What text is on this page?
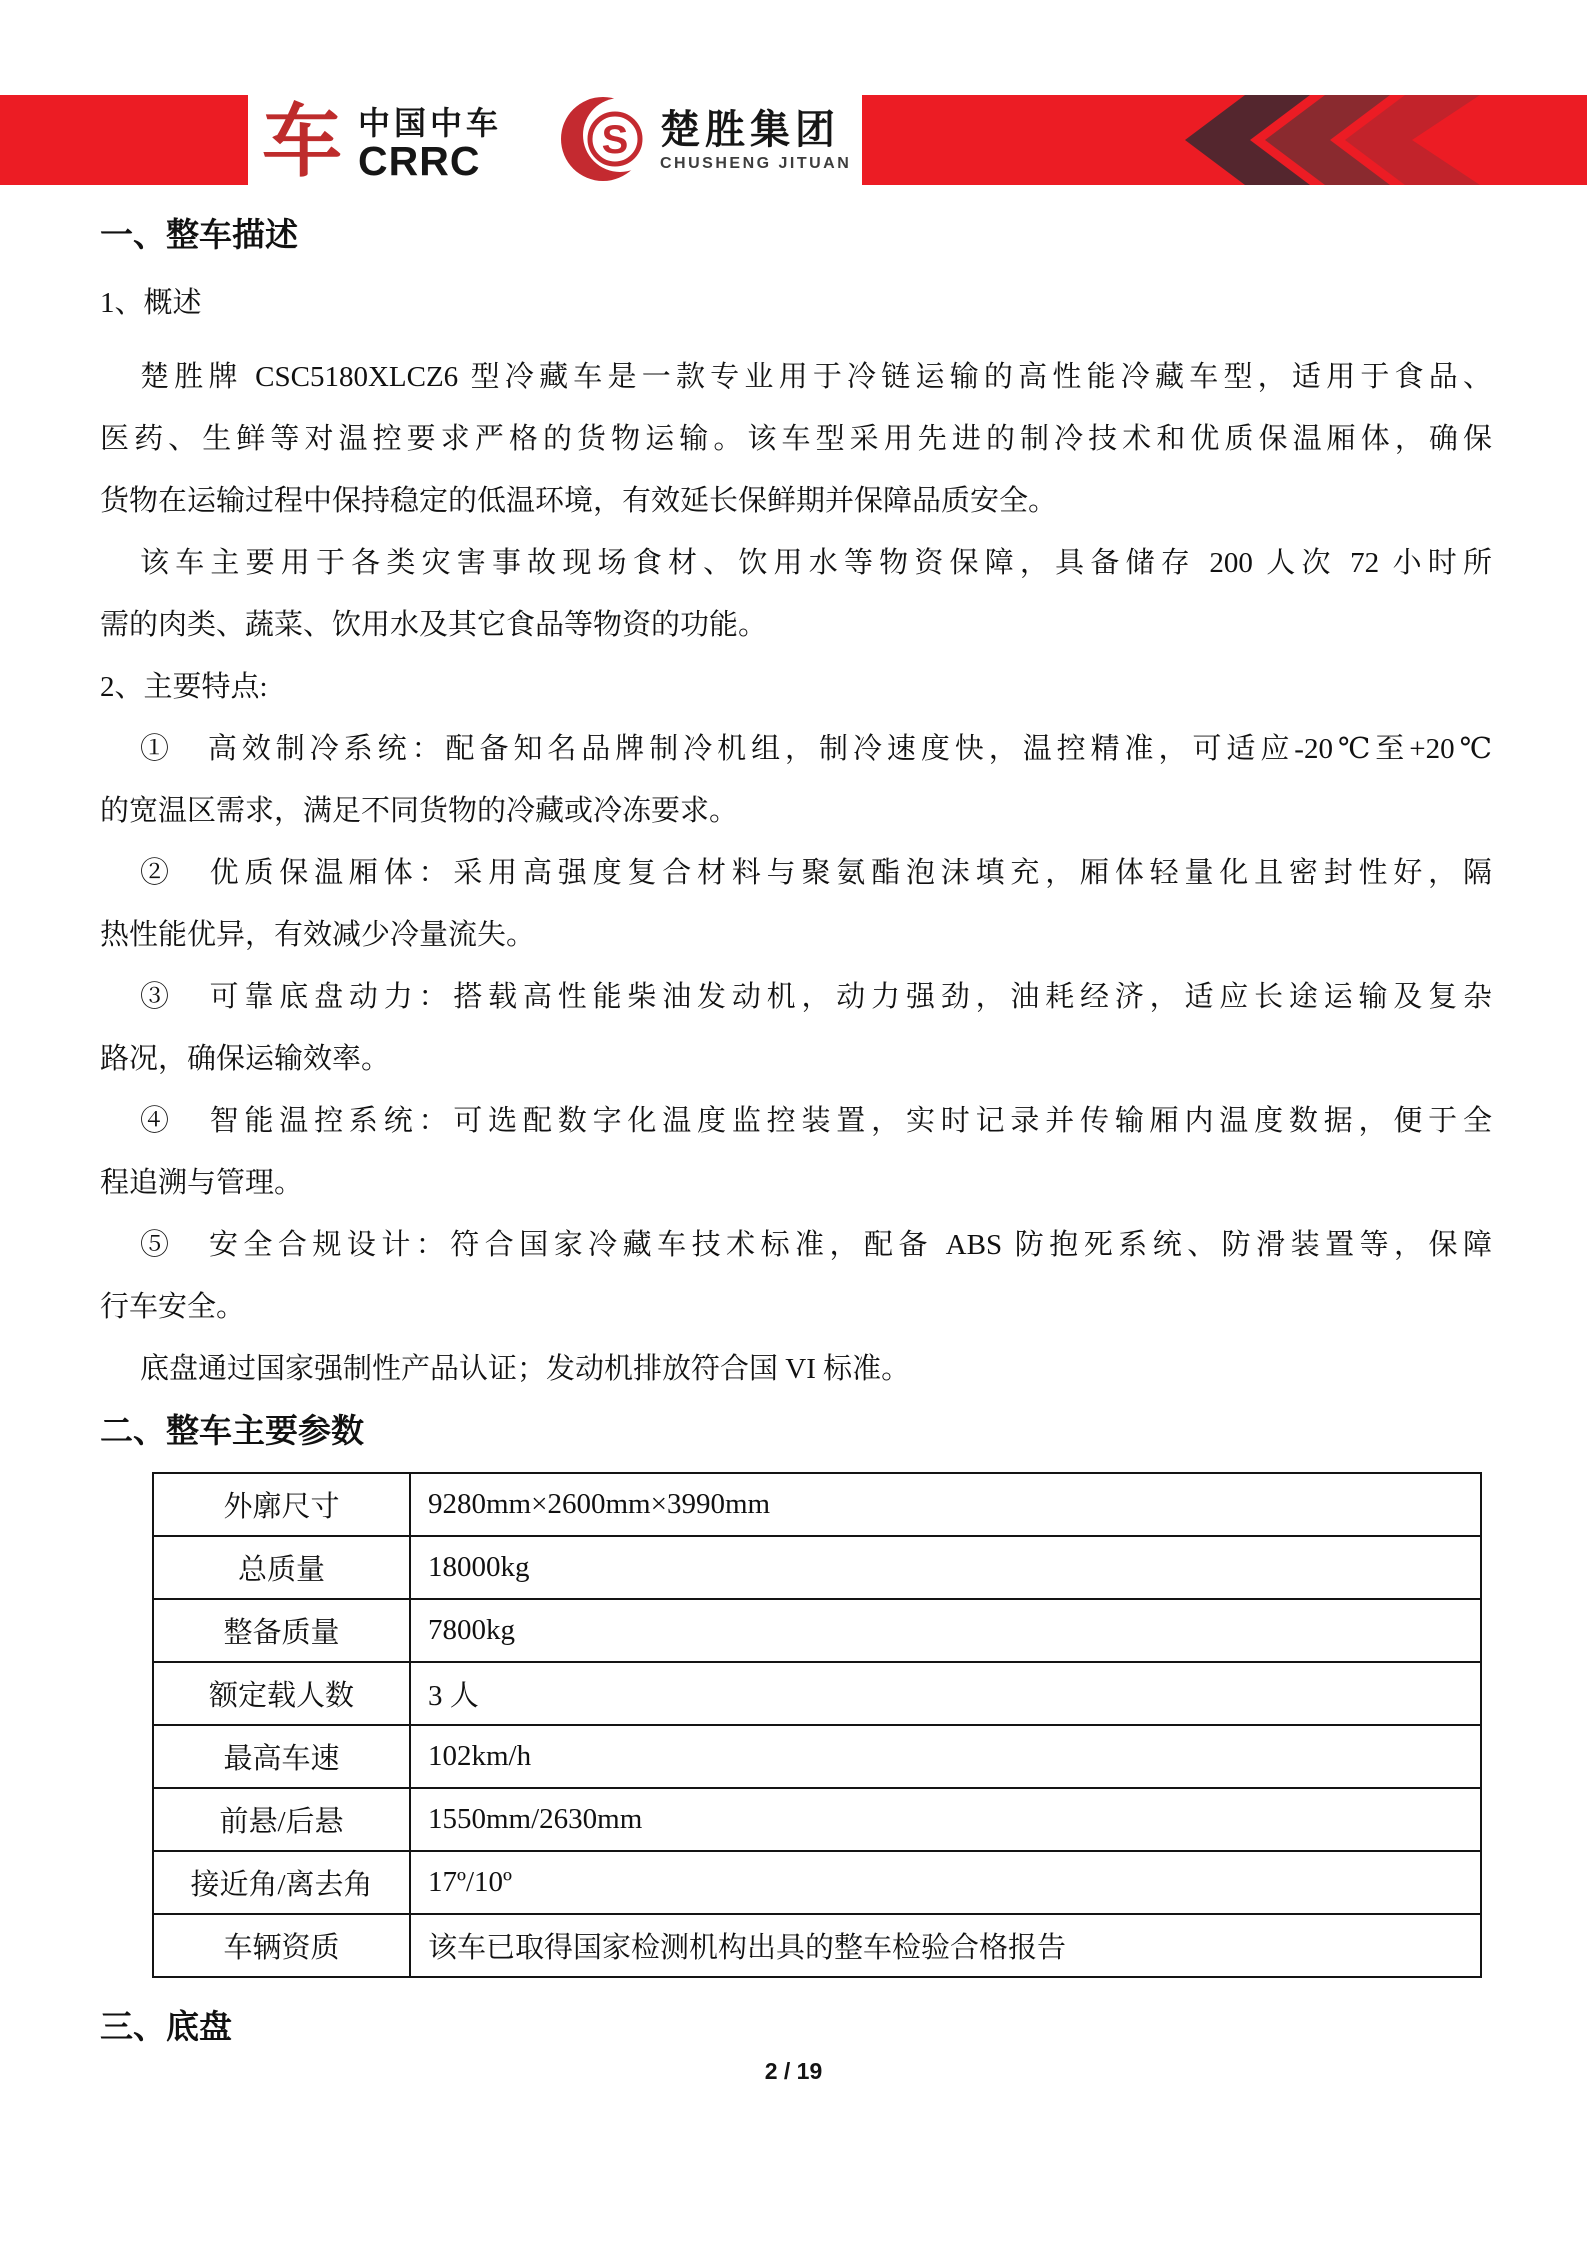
车 中国中车
CRRC	S 楚胜集团
CHUSHENG JITUAN
一、整车描述
1、概述
楚胜牌 CSC5180XLCZ6 型冷藏车是一款专业用于冷链运输的高性能冷藏车型，适用于食品、
医药、生鲜等对温控要求严格的货物运输。该车型采用先进的制冷技术和优质保温厢体，确保
货物在运输过程中保持稳定的低温环境，有效延长保鲜期并保障品质安全。
该车主要用于各类灾害事故现场食材、饮用水等物资保障，具备储存 200 人次 72 小时所
需的肉类、蔬菜、饮用水及其它食品等物资的功能。
2、主要特点:
①　高效制冷系统：配备知名品牌制冷机组，制冷速度快，温控精准，可适应-20℃至+20℃
的宽温区需求，满足不同货物的冷藏或冷冻要求。
②　优质保温厢体：采用高强度复合材料与聚氨酯泡沫填充，厢体轻量化且密封性好，隔
热性能优异，有效减少冷量流失。
③　可靠底盘动力：搭载高性能柴油发动机，动力强劲，油耗经济，适应长途运输及复杂
路况，确保运输效率。
④　智能温控系统：可选配数字化温度监控装置，实时记录并传输厢内温度数据，便于全
程追溯与管理。
⑤　安全合规设计：符合国家冷藏车技术标准，配备 ABS 防抱死系统、防滑装置等，保障
行车安全。
底盘通过国家强制性产品认证；发动机排放符合国 VI 标准。
二、整车主要参数
外廓尺寸	9280mm×2600mm×3990mm
总质量	18000kg
整备质量	7800kg
额定载人数	3 人
最高车速	102km/h
前悬/后悬	1550mm/2630mm
接近角/离去角	17º/10º
车辆资质	该车已取得国家检测机构出具的整车检验合格报告
三、底盘
2 / 19
